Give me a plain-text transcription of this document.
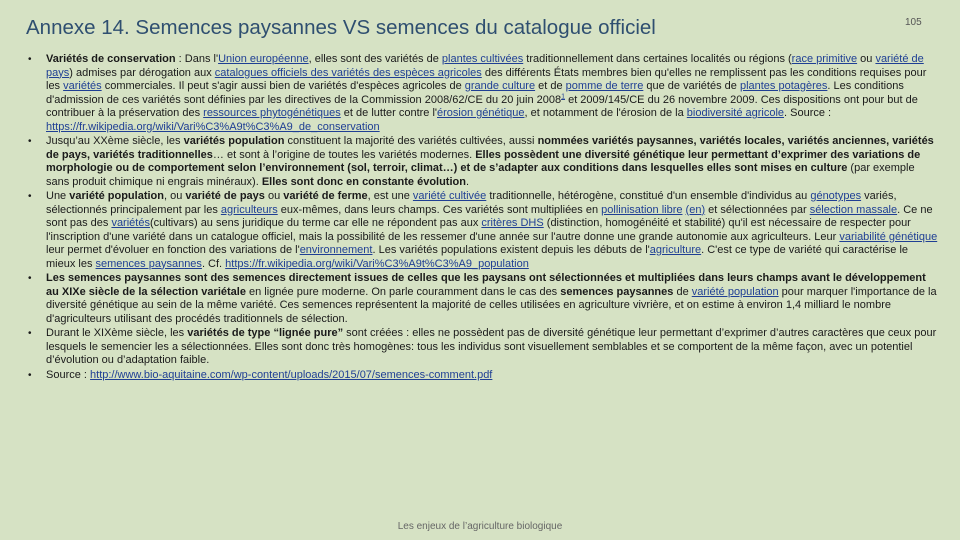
Annexe 14. Semences paysannes VS semences du catalogue officiel	105
•	Variétés de conservation : Dans l'Union européenne, elles sont des variétés de plantes cultivées traditionnellement dans certaines localités ou régions (race primitive ou variété de pays) admises par dérogation aux catalogues officiels des variétés des espèces agricoles des différents États membres bien qu'elles ne remplissent pas les conditions requises pour les variétés commerciales. Il peut s'agir aussi bien de variétés d'espèces agricoles de grande culture et de pomme de terre que de variétés de plantes potagères. Les conditions d'admission de ces variétés sont définies par les directives de la Commission 2008/62/CE du 20 juin 2008$^1$ et 2009/145/CE du 26 novembre 2009. Ces dispositions ont pour but de contribuer à la préservation des ressources phytogénétiques et de lutter contre l'érosion génétique, et notamment de l'érosion de la biodiversité agricole. Source : https://fr.wikipedia.org/wiki/Vari%C3%A9t%C3%A9_de_conservation
•	Jusqu’au XXème siècle, les variétés population constituent la majorité des variétés cultivées, aussi nommées variétés paysannes, variétés locales, variétés anciennes, variétés de pays, variétés traditionnelles… et sont à l’origine de toutes les variétés modernes. Elles possèdent une diversité génétique leur permettant d’exprimer des variations de morphologie ou de comportement selon l’environnement (sol, terroir, climat…) et de s’adapter aux conditions dans lesquelles elles sont mises en culture (par exemple sans produit chimique ni engrais minéraux). Elles sont donc en constante évolution.
•	Une variété population, ou variété de pays ou variété de ferme, est une variété cultivée traditionnelle, hétérogène, constitué d'un ensemble d'individus au génotypes variés, sélectionnés principalement par les agriculteurs eux-mêmes, dans leurs champs. Ces variétés sont multipliées en pollinisation libre (en) et sélectionnées par sélection massale. Ce ne sont pas des variétés(cultivars) au sens juridique du terme car elle ne répondent pas aux critères DHS (distinction, homogénéité et stabilité) qu'il est nécessaire de respecter pour l'inscription d'une variété dans un catalogue officiel, mais la possibilité de les ressemer d'une année sur l'autre donne une grande autonomie aux agriculteurs. Leur variabilité génétique leur permet d'évoluer en fonction des variations de l'environnement. Les variétés populations existent depuis les débuts de l'agriculture. C'est ce type de variété qui caractérise le mieux les semences paysannes. Cf. https://fr.wikipedia.org/wiki/Vari%C3%A9t%C3%A9_population
•	Les semences paysannes sont des semences directement issues de celles que les paysans ont sélectionnées et multipliées dans leurs champs avant le développement au XIXe siècle de la sélection variétale en lignée pure moderne. On parle couramment dans le cas des semences paysannes de variété population pour marquer l'importance de la diversité génétique au sein de la même variété. Ces semences représentent la majorité de celles utilisées en agriculture vivrière, et on estime à environ 1,4 milliard le nombre d'agriculteurs utilisant des procédés traditionnels de sélection.
•	Durant le XIXème siècle, les variétés de type “lignée pure” sont créées : elles ne possèdent pas de diversité génétique leur permettant d’exprimer d’autres caractères que ceux pour lesquels le semencier les a sélectionnées. Elles sont donc très homogènes: tous les individus sont visuellement semblables et se comportent de la même façon, avec un potentiel d’évolution ou d’adaptation faible.
•	Source : http://www.bio-aquitaine.com/wp-content/uploads/2015/07/semences-comment.pdf
Les enjeux de l’agriculture biologique
